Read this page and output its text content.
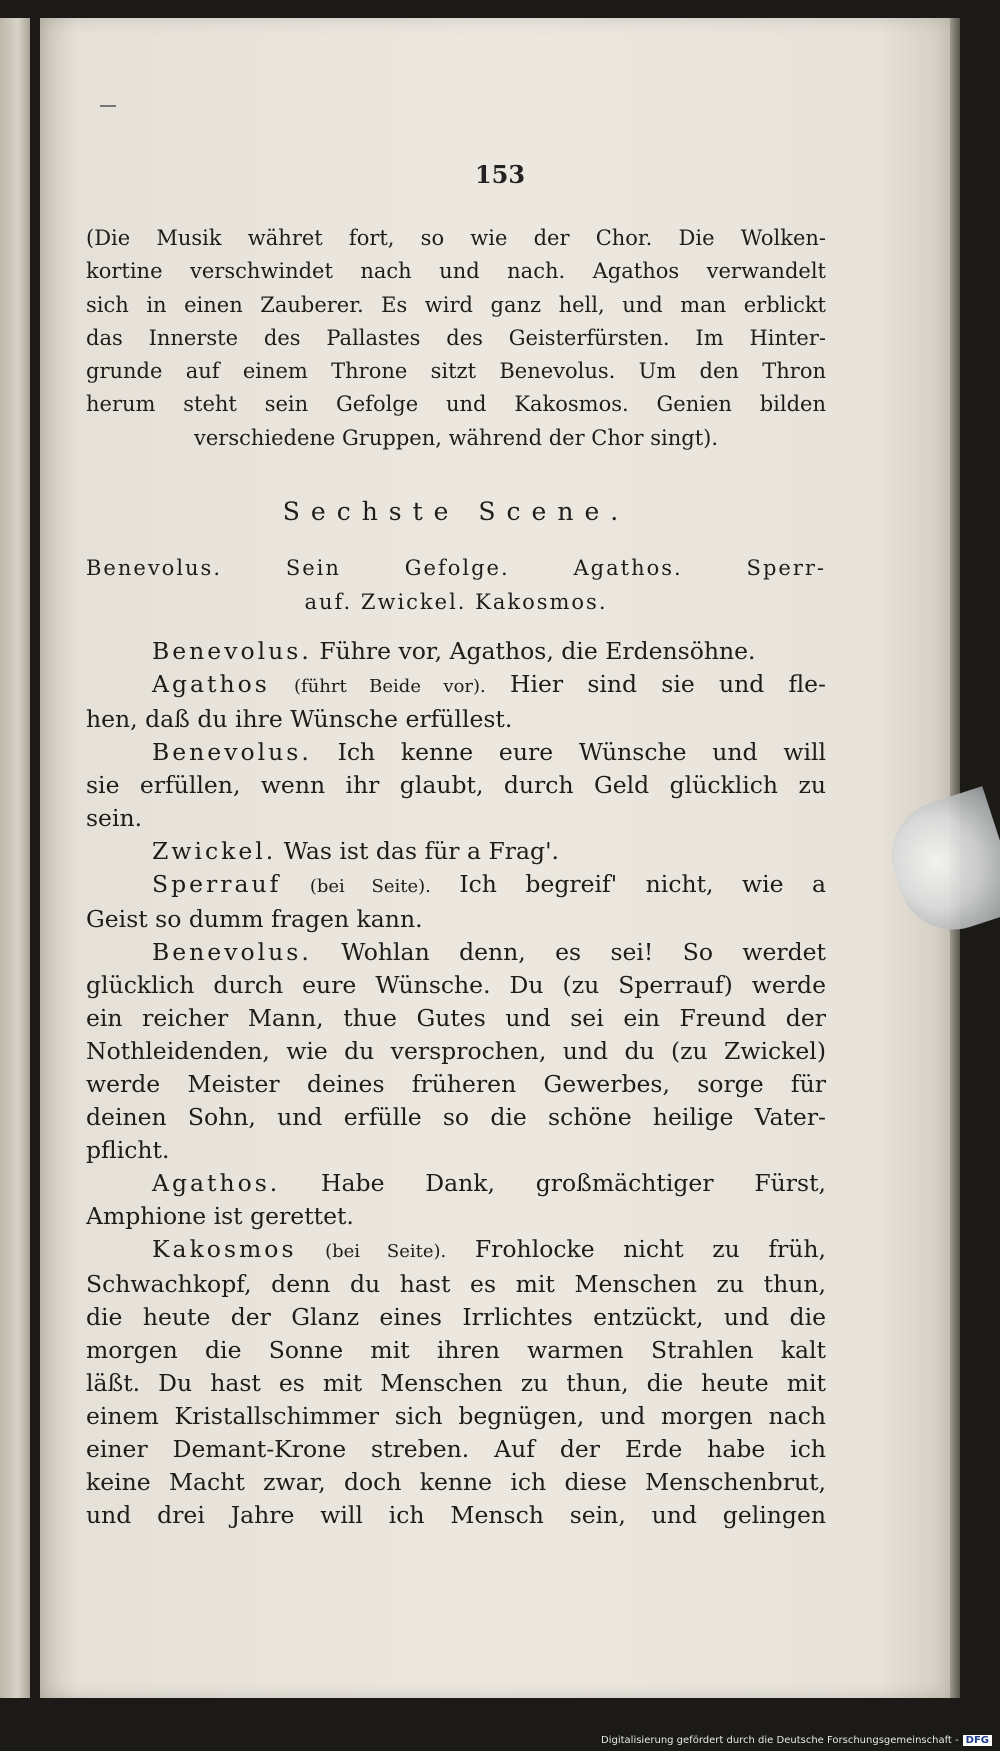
153
(Die Musik währet fort, so wie der Chor. Die Wolken-
kortine verschwindet nach und nach. Agathos verwandelt
sich in einen Zauberer. Es wird ganz hell, und man erblickt
das Innerste des Pallastes des Geisterfürsten. Im Hinter-
grunde auf einem Throne sitzt Benevolus. Um den Thron
herum steht sein Gefolge und Kakosmos. Genien bilden
verschiedene Gruppen, während der Chor singt).
Sechste Scene.
Benevolus. Sein Gefolge. Agathos. Sperr-
auf. Zwickel. Kakosmos.
Benevolus. Führe vor, Agathos, die Erdensöhne.
Agathos (führt Beide vor). Hier sind sie und fle-
hen, daß du ihre Wünsche erfüllest.
Benevolus. Ich kenne eure Wünsche und will
sie erfüllen, wenn ihr glaubt, durch Geld glücklich zu
sein.
Zwickel. Was ist das für a Frag'.
Sperrauf (bei Seite). Ich begreif' nicht, wie a
Geist so dumm fragen kann.
Benevolus. Wohlan denn, es sei! So werdet
glücklich durch eure Wünsche. Du (zu Sperrauf) werde
ein reicher Mann, thue Gutes und sei ein Freund der
Nothleidenden, wie du versprochen, und du (zu Zwickel)
werde Meister deines früheren Gewerbes, sorge für
deinen Sohn, und erfülle so die schöne heilige Vater-
pflicht.
Agathos. Habe Dank, großmächtiger Fürst,
Amphione ist gerettet.
Kakosmos (bei Seite). Frohlocke nicht zu früh,
Schwachkopf, denn du hast es mit Menschen zu thun,
die heute der Glanz eines Irrlichtes entzückt, und die
morgen die Sonne mit ihren warmen Strahlen kalt
läßt. Du hast es mit Menschen zu thun, die heute mit
einem Kristallschimmer sich begnügen, und morgen nach
einer Demant-Krone streben. Auf der Erde habe ich
keine Macht zwar, doch kenne ich diese Menschenbrut,
und drei Jahre will ich Mensch sein, und gelingen
Digitalisierung gefördert durch die Deutsche Forschungsgemeinschaft - DFG
